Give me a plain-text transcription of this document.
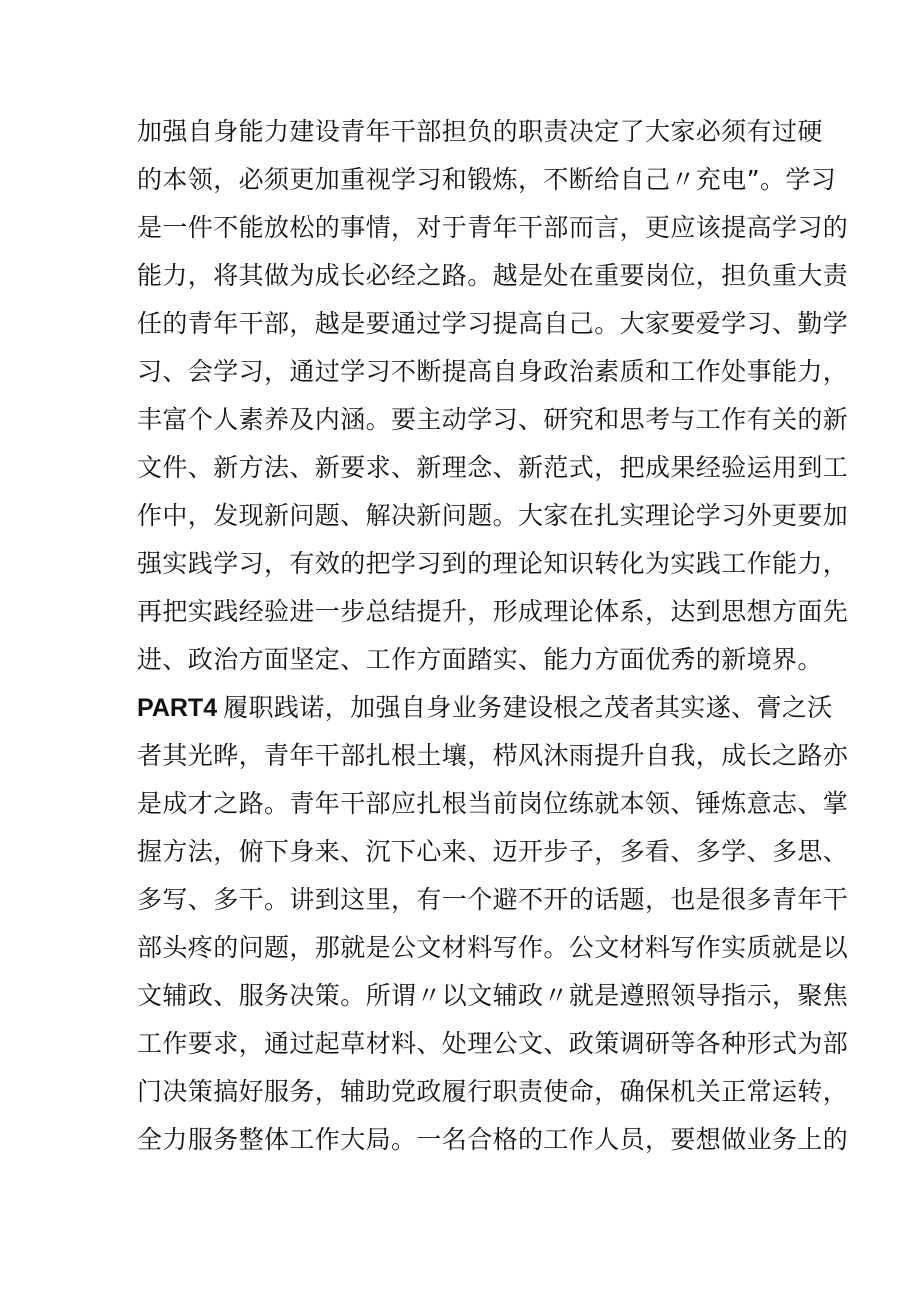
加强自身能力建设青年干部担负的职责决定了大家必须有过硬
的本领，必须更加重视学习和锻炼，不断给自己〃充电”。学习
是一件不能放松的事情，对于青年干部而言，更应该提高学习的
能力，将其做为成长必经之路。越是处在重要岗位，担负重大责
任的青年干部，越是要通过学习提高自己。大家要爱学习、勤学
习、会学习，通过学习不断提高自身政治素质和工作处事能力，
丰富个人素养及内涵。要主动学习、研究和思考与工作有关的新
文件、新方法、新要求、新理念、新范式，把成果经验运用到工
作中，发现新问题、解决新问题。大家在扎实理论学习外更要加
强实践学习，有效的把学习到的理论知识转化为实践工作能力，
再把实践经验进一步总结提升，形成理论体系，达到思想方面先
进、政治方面坚定、工作方面踏实、能力方面优秀的新境界。
PART4 履职践诺，加强自身业务建设根之茂者其实遂、膏之沃
者其光晔，青年干部扎根土壤，栉风沐雨提升自我，成长之路亦
是成才之路。青年干部应扎根当前岗位练就本领、锤炼意志、掌
握方法，俯下身来、沉下心来、迈开步子，多看、多学、多思、
多写、多干。讲到这里，有一个避不开的话题，也是很多青年干
部头疼的问题，那就是公文材料写作。公文材料写作实质就是以
文辅政、服务决策。所谓〃以文辅政〃就是遵照领导指示，聚焦
工作要求，通过起草材料、处理公文、政策调研等各种形式为部
门决策搞好服务，辅助党政履行职责使命，确保机关正常运转，
全力服务整体工作大局。一名合格的工作人员，要想做业务上的
